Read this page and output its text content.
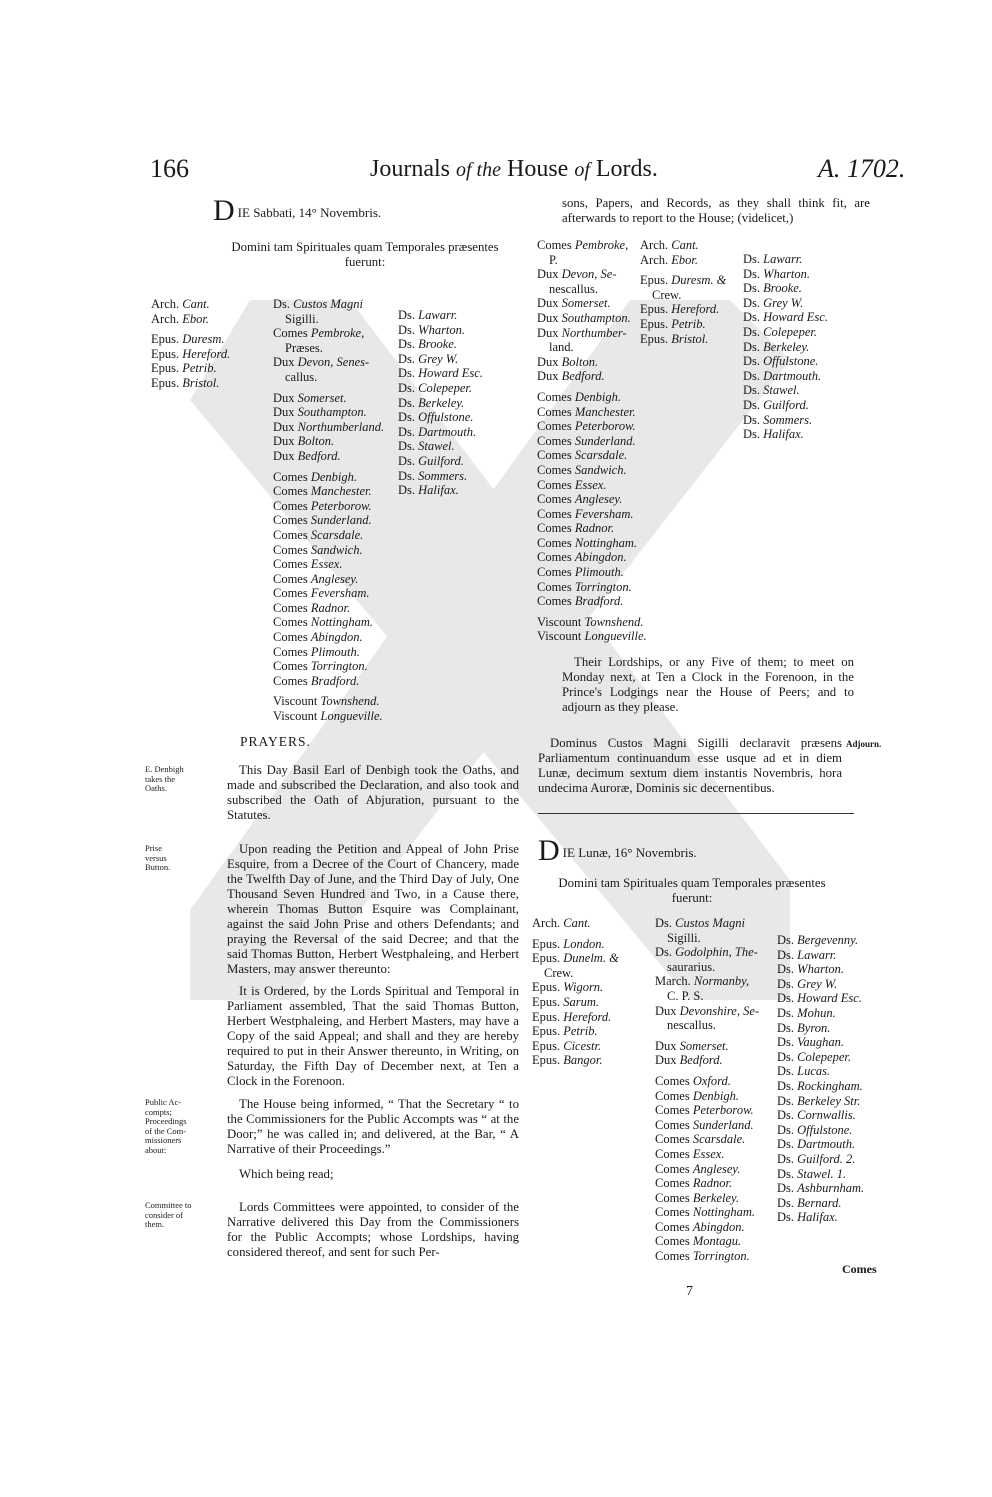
166	Journals of the House of Lords.	A. 1702.
D IE Sabbati, 14° Novembris.
Domini tam Spirituales quam Temporales præsentes
fuerunt:
Arch. Cant.
Arch. Ebor.
Epus. Duresm.
Epus. Hereford.
Epus. Petrib.
Epus. Bristol.
Ds. Custos Magni
Sigilli.
Comes Pembroke,
Præses.
Dux Devon, Senes-
callus.
Dux Somerset.
Dux Southampton.
Dux Northumberland.
Dux Bolton.
Dux Bedford.
Comes Denbigh.
Comes Manchester.
Comes Peterborow.
Comes Sunderland.
Comes Scarsdale.
Comes Sandwich.
Comes Essex.
Comes Anglesey.
Comes Feversham.
Comes Radnor.
Comes Nottingham.
Comes Abingdon.
Comes Plimouth.
Comes Torrington.
Comes Bradford.
Viscount Townshend.
Viscount Longueville.
Ds. Lawarr.
Ds. Wharton.
Ds. Brooke.
Ds. Grey W.
Ds. Howard Esc.
Ds. Colepeper.
Ds. Berkeley.
Ds. Offulstone.
Ds. Dartmouth.
Ds. Stawel.
Ds. Guilford.
Ds. Sommers.
Ds. Halifax.
PRAYERS.
E. Denbigh
takes the
Oaths.

This Day Basil Earl of Denbigh took the Oaths, and made and subscribed the Declaration, and also took and subscribed the Oath of Abjuration, pursuant to the Statutes.

Prise
versus
Button.

Upon reading the Petition and Appeal of John Prise Esquire, from a Decree of the Court of Chancery, made the Twelfth Day of June, and the Third Day of July, One Thousand Seven Hundred and Two, in a Cause there, wherein Thomas Button Esquire was Complainant, against the said John Prise and others Defendants; and praying the Reversal of the said Decree; and that the said Thomas Button, Herbert Westphaleing, and Herbert Masters, may answer thereunto:

It is Ordered, by the Lords Spiritual and Temporal in Parliament assembled, That the said Thomas Button, Herbert Westphaleing, and Herbert Masters, may have a Copy of the said Appeal; and shall and they are hereby required to put in their Answer thereunto, in Writing, on Saturday, the Fifth Day of December next, at Ten a Clock in the Forenoon.

Public Ac-
compts;
Proceedings
of the Com-
missioners
about:

The House being informed, “ That the Secretary “ to the Commissioners for the Public Accompts was “ at the Door;” he was called in; and delivered, at the Bar, “ A Narrative of their Proceedings.”

Which being read;

Committee to
consider of
them.

Lords Committees were appointed, to consider of the Narrative delivered this Day from the Commissioners for the Public Accompts; whose Lordships, having considered thereof, and sent for such Per-

sons, Papers, and Records, as they shall think fit, are afterwards to report to the House; (videlicet,)
Comes Pembroke,
P.
Dux Devon, Se-
nescallus.
Dux Somerset.
Dux Southampton.
Dux Northumber-
land.
Dux Bolton.
Dux Bedford.
Comes Denbigh.
Comes Manchester.
Comes Peterborow.
Comes Sunderland.
Comes Scarsdale.
Comes Sandwich.
Comes Essex.
Comes Anglesey.
Comes Feversham.
Comes Radnor.
Comes Nottingham.
Comes Abingdon.
Comes Plimouth.
Comes Torrington.
Comes Bradford.
Viscount Townshend.
Viscount Longueville.
Arch. Cant.
Arch. Ebor.
Epus. Duresm. &
Crew.
Epus. Hereford.
Epus. Petrib.
Epus. Bristol.
Ds. Lawarr.
Ds. Wharton.
Ds. Brooke.
Ds. Grey W.
Ds. Howard Esc.
Ds. Colepeper.
Ds. Berkeley.
Ds. Offulstone.
Ds. Dartmouth.
Ds. Stawel.
Ds. Guilford.
Ds. Sommers.
Ds. Halifax.

Their Lordships, or any Five of them; to meet on Monday next, at Ten a Clock in the Forenoon, in the Prince's Lodgings near the House of Peers; and to adjourn as they please.

Dominus Custos Magni Sigilli declaravit præsens Parliamentum continuandum esse usque ad et in diem Lunæ, decimum sextum diem instantis Novembris, hora undecima Auroræ, Dominis sic decernentibus.

Adjourn.
D IE Lunæ, 16° Novembris.
Domini tam Spirituales quam Temporales præsentes
fuerunt:
Arch. Cant.
Epus. London.
Epus. Dunelm. &
Crew.
Epus. Wigorn.
Epus. Sarum.
Epus. Hereford.
Epus. Petrib.
Epus. Cicestr.
Epus. Bangor.
Ds. Custos Magni
Sigilli.
Ds. Godolphin, The-
saurarius.
March. Normanby,
C. P. S.
Dux Devonshire, Se-
nescallus.
Dux Somerset.
Dux Bedford.
Comes Oxford.
Comes Denbigh.
Comes Peterborow.
Comes Sunderland.
Comes Scarsdale.
Comes Essex.
Comes Anglesey.
Comes Radnor.
Comes Berkeley.
Comes Nottingham.
Comes Abingdon.
Comes Montagu.
Comes Torrington.
Ds. Bergevenny.
Ds. Lawarr.
Ds. Wharton.
Ds. Grey W.
Ds. Howard Esc.
Ds. Mohun.
Ds. Byron.
Ds. Vaughan.
Ds. Colepeper.
Ds. Lucas.
Ds. Rockingham.
Ds. Berkeley Str.
Ds. Cornwallis.
Ds. Offulstone.
Ds. Dartmouth.
Ds. Guilford. 2.
Ds. Stawel. 1.
Ds. Ashburnham.
Ds. Bernard.
Ds. Halifax.
Comes
7
